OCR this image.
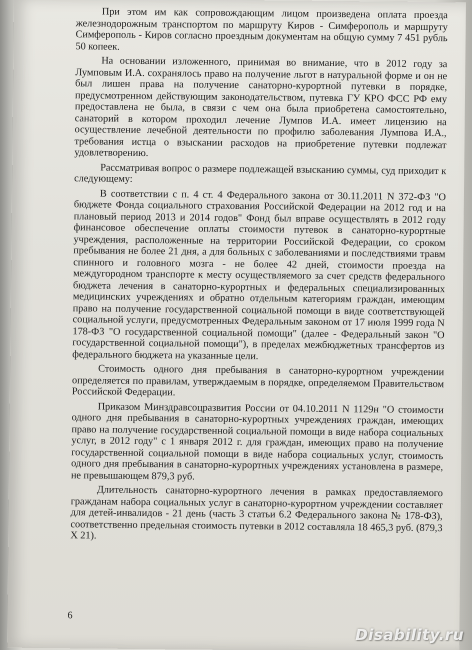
При этом им как сопровождающим лицом произведена оплата проезда железнодорожным транспортом по маршруту Киров - Симферополь и маршруту Симферополь - Киров согласно проездным документам на общую сумму 7 451 рубль 50 копеек.

На основании изложенного, принимая во внимание, что в 2012 году за Лумповым И.А. сохранялось право на получение льгот в натуральной форме и он не был лишен права на получение санаторно-курортной путевки в порядке, предусмотренном действующим законодательством, путевка ГУ КРО ФСС РФ ему предоставлена не была, в связи с чем она была приобретена самостоятельно, санаторий в котором проходил лечение Лумпов И.А. имеет лицензию на осуществление лечебной деятельности по профилю заболевания Лумпова И.А., требования истца о взыскании расходов на приобретение путевки подлежат удовлетворению.

Рассматривая вопрос о размере подлежащей взысканию суммы, суд приходит к следующему:

В соответствии с п. 4 ст. 4 Федерального закона от 30.11.2011 N 372-ФЗ "О бюджете Фонда социального страхования Российской Федерации на 2012 год и на плановый период 2013 и 2014 годов" Фонд был вправе осуществлять в 2012 году финансовое обеспечение оплаты стоимости путевок в санаторно-курортные учреждения, расположенные на территории Российской Федерации, со сроком пребывания не более 21 дня, а для больных с заболеваниями и последствиями травм спинного и головного мозга - не более 42 дней, стоимости проезда на междугородном транспорте к месту осуществляемого за счет средств федерального бюджета лечения в санаторно-курортных и федеральных специализированных медицинских учреждениях и обратно отдельным категориям граждан, имеющим право на получение государственной социальной помощи в виде соответствующей социальной услуги, предусмотренных Федеральным законом от 17 июля 1999 года N 178-ФЗ "О государственной социальной помощи" (далее - Федеральный закон "О государственной социальной помощи"), в пределах межбюджетных трансфертов из федерального бюджета на указанные цели.

Стоимость одного дня пребывания в санаторно-курортном учреждении определяется по правилам, утверждаемым в порядке, определяемом Правительством Российской Федерации.

Приказом Минздравсоцразвития России от 04.10.2011 N 1129н "О стоимости одного дня пребывания в санаторно-курортных учреждениях граждан, имеющих право на получение государственной социальной помощи в виде набора социальных услуг, в 2012 году" с 1 января 2012 г. для граждан, имеющих право на получение государственной социальной помощи в виде набора социальных услуг, стоимость одного дня пребывания в санаторно-курортных учреждениях установлена в размере, не превышающем 879,3 руб.

Длительность санаторно-курортного лечения в рамках предоставляемого гражданам набора социальных услуг в санаторно-курортном учреждении составляет для детей-инвалидов - 21 день (часть 3 статьи 6.2 Федерального закона № 178-ФЗ), соответственно предельная стоимость путевки в 2012 составляла 18 465,3 руб. (879,3 Х 21).

6
Disability.ru
